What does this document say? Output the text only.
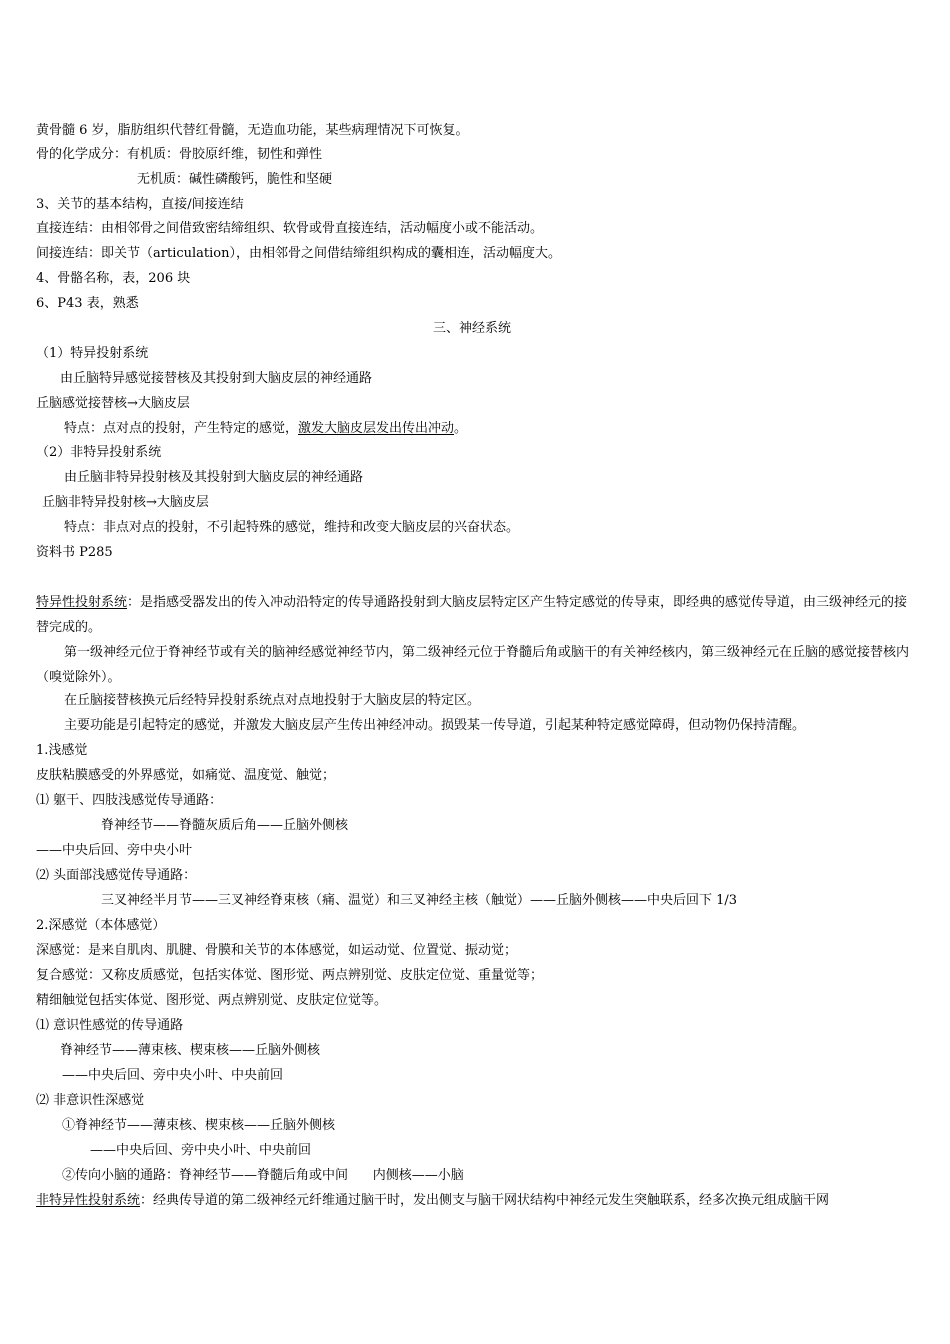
黄骨髓 6 岁，脂肪组织代替红骨髓，无造血功能，某些病理情况下可恢复。
骨的化学成分：有机质：骨胶原纤维，韧性和弹性
无机质：碱性磷酸钙，脆性和坚硬
3、关节的基本结构，直接/间接连结
直接连结：由相邻骨之间借致密结缔组织、软骨或骨直接连结，活动幅度小或不能活动。
间接连结：即关节（articulation），由相邻骨之间借结缔组织构成的囊相连，活动幅度大。
4、骨骼名称，表，206 块
6、P43 表，熟悉
三、神经系统
（1）特异投射系统
由丘脑特异感觉接替核及其投射到大脑皮层的神经通路
丘脑感觉接替核→大脑皮层
特点：点对点的投射，产生特定的感觉，激发大脑皮层发出传出冲动。
（2）非特异投射系统
由丘脑非特异投射核及其投射到大脑皮层的神经通路
丘脑非特异投射核→大脑皮层
特点：非点对点的投射，不引起特殊的感觉，维持和改变大脑皮层的兴奋状态。
资料书 P285
特异性投射系统：是指感受器发出的传入冲动沿特定的传导通路投射到大脑皮层特定区产生特定感觉的传导束，即经典的感觉传导道，由三级神经元的接替完成的。
第一级神经元位于脊神经节或有关的脑神经感觉神经节内，第二级神经元位于脊髓后角或脑干的有关神经核内，第三级神经元在丘脑的感觉接替核内（嗅觉除外）。
在丘脑接替核换元后经特异投射系统点对点地投射于大脑皮层的特定区。
主要功能是引起特定的感觉，并激发大脑皮层产生传出神经冲动。损毁某一传导道，引起某种特定感觉障碍，但动物仍保持清醒。
1.浅感觉
皮肤粘膜感受的外界感觉，如痛觉、温度觉、触觉；
⑴ 躯干、四肢浅感觉传导通路：
脊神经节——脊髓灰质后角——丘脑外侧核
——中央后回、旁中央小叶
⑵ 头面部浅感觉传导通路：
三叉神经半月节——三叉神经脊束核（痛、温觉）和三叉神经主核（触觉）——丘脑外侧核——中央后回下 1/3
2.深感觉（本体感觉）
深感觉：是来自肌肉、肌腱、骨膜和关节的本体感觉，如运动觉、位置觉、振动觉；
复合感觉：又称皮质感觉，包括实体觉、图形觉、两点辨别觉、皮肤定位觉、重量觉等；
精细触觉包括实体觉、图形觉、两点辨别觉、皮肤定位觉等。
⑴ 意识性感觉的传导通路
脊神经节——薄束核、楔束核——丘脑外侧核
——中央后回、旁中央小叶、中央前回
⑵ 非意识性深感觉
①脊神经节——薄束核、楔束核——丘脑外侧核
——中央后回、旁中央小叶、中央前回
②传向小脑的通路：脊神经节——脊髓后角或中间      内侧核——小脑
非特异性投射系统：经典传导道的第二级神经元纤维通过脑干时，发出侧支与脑干网状结构中神经元发生突触联系，经多次换元组成脑干网
